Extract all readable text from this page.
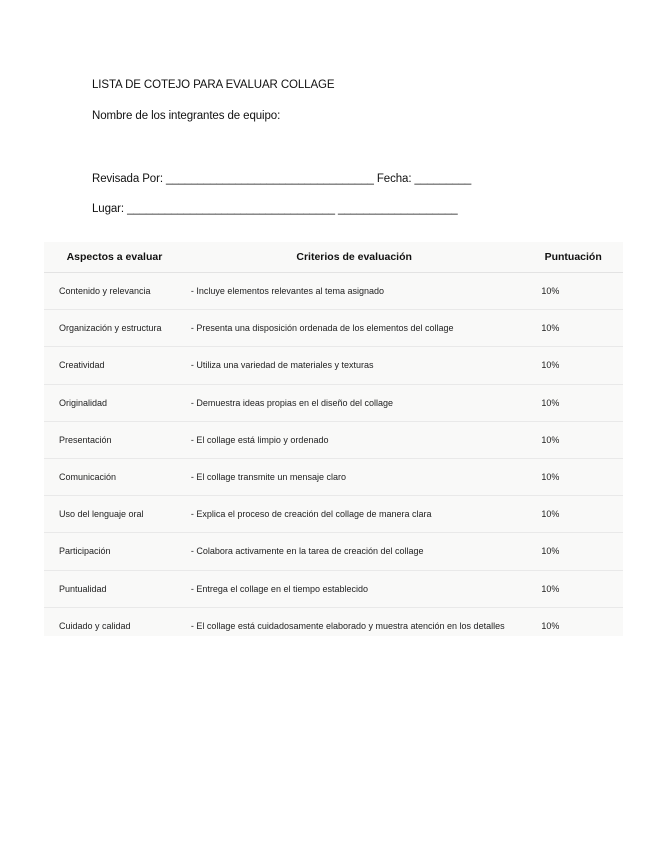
LISTA DE COTEJO PARA EVALUAR COLLAGE
Nombre de los integrantes de equipo:
Revisada Por: _________________________________ Fecha: _________
Lugar: _________________________________ ___________________
Aspectos a evaluar	Criterios de evaluación	Puntuación
Contenido y relevancia	- Incluye elementos relevantes al tema asignado	10%
Organización y estructura	- Presenta una disposición ordenada de los elementos del collage	10%
Creatividad	- Utiliza una variedad de materiales y texturas	10%
Originalidad	- Demuestra ideas propias en el diseño del collage	10%
Presentación	- El collage está limpio y ordenado	10%
Comunicación	- El collage transmite un mensaje claro	10%
Uso del lenguaje oral	- Explica el proceso de creación del collage de manera clara	10%
Participación	- Colabora activamente en la tarea de creación del collage	10%
Puntualidad	- Entrega el collage en el tiempo establecido	10%
Cuidado y calidad	- El collage está cuidadosamente elaborado y muestra atención en los detalles	10%
